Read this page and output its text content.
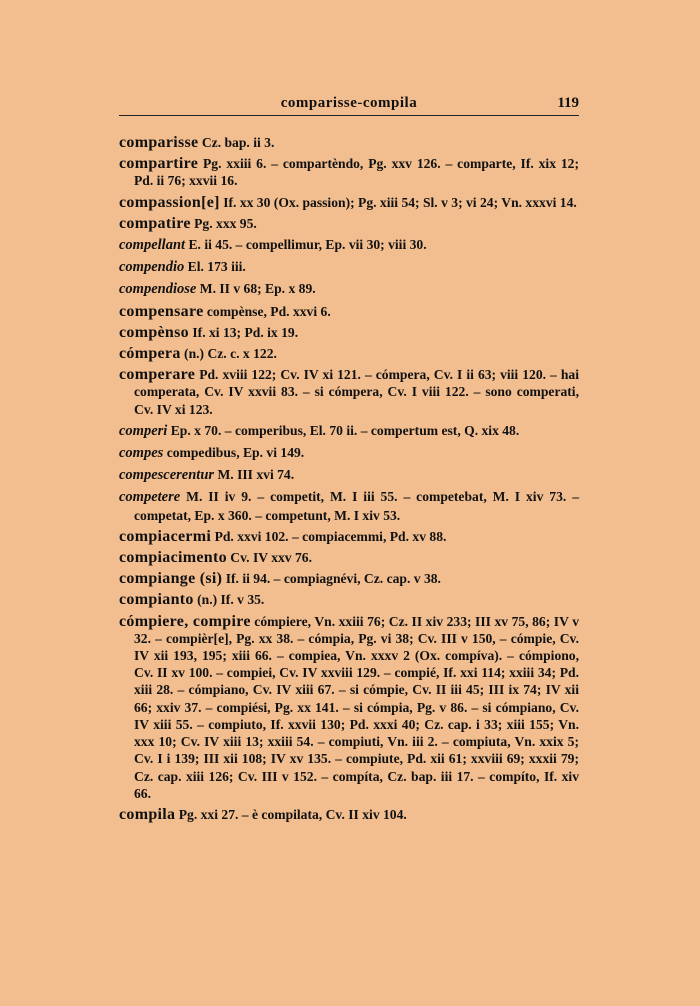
comparisse-compila	119
comparisse Cz. bap. ii 3.
compartire Pg. xxiii 6. – compartèndo, Pg. xxv 126. – comparte, If. xix 12; Pd. ii 76; xxvii 16.
compassion[e] If. xx 30 (Ox. passion); Pg. xiii 54; Sl. v 3; vi 24; Vn. xxxvi 14.
compatire Pg. xxx 95.
compellant E. ii 45. – compellimur, Ep. vii 30; viii 30.
compendio El. 173 iii.
compendiose M. II v 68; Ep. x 89.
compensare compènse, Pd. xxvi 6.
compènso If. xi 13; Pd. ix 19.
cómpera (n.) Cz. c. x 122.
comperare Pd. xviii 122; Cv. IV xi 121. – cómpera, Cv. I ii 63; viii 120. – hai comperata, Cv. IV xxvii 83. – si cómpera, Cv. I viii 122. – sono comperati, Cv. IV xi 123.
comperi Ep. x 70. – comperibus, El. 70 ii. – compertum est, Q. xix 48.
compes compedibus, Ep. vi 149.
compescerentur M. III xvi 74.
competere M. II iv 9. – competit, M. I iii 55. – competebat, M. I xiv 73. – competat, Ep. x 360. – competunt, M. I xiv 53.
compiacermi Pd. xxvi 102. – compiacemmi, Pd. xv 88.
compiacimento Cv. IV xxv 76.
compiange (si) If. ii 94. – compiagnévi, Cz. cap. v 38.
compianto (n.) If. v 35.
cómpiere, compire cómpiere, Vn. xxiii 76; Cz. II xiv 233; III xv 75, 86; IV v 32. – compièr[e], Pg. xx 38. – cómpia, Pg. vi 38; Cv. III v 150, – cómpie, Cv. IV xii 193, 195; xiii 66. – compiea, Vn. xxxv 2 (Ox. compíva). – cómpiono, Cv. II xv 100. – compiei, Cv. IV xxviii 129. – compié, If. xxi 114; xxiii 34; Pd. xiii 28. – cómpiano, Cv. IV xiii 67. – si cómpie, Cv. II iii 45; III ix 74; IV xii 66; xxiv 37. – compiési, Pg. xx 141. – si cómpia, Pg. v 86. – si cómpiano, Cv. IV xiii 55. – compiuto, If. xxvii 130; Pd. xxxi 40; Cz. cap. i 33; xiii 155; Vn. xxx 10; Cv. IV xiii 13; xxiii 54. – compiuti, Vn. iii 2. – compiuta, Vn. xxix 5; Cv. I i 139; III xii 108; IV xv 135. – compiute, Pd. xii 61; xxviii 69; xxxii 79; Cz. cap. xiii 126; Cv. III v 152. – compíta, Cz. bap. iii 17. – compíto, If. xiv 66.
compila Pg. xxi 27. – è compilata, Cv. II xiv 104.
